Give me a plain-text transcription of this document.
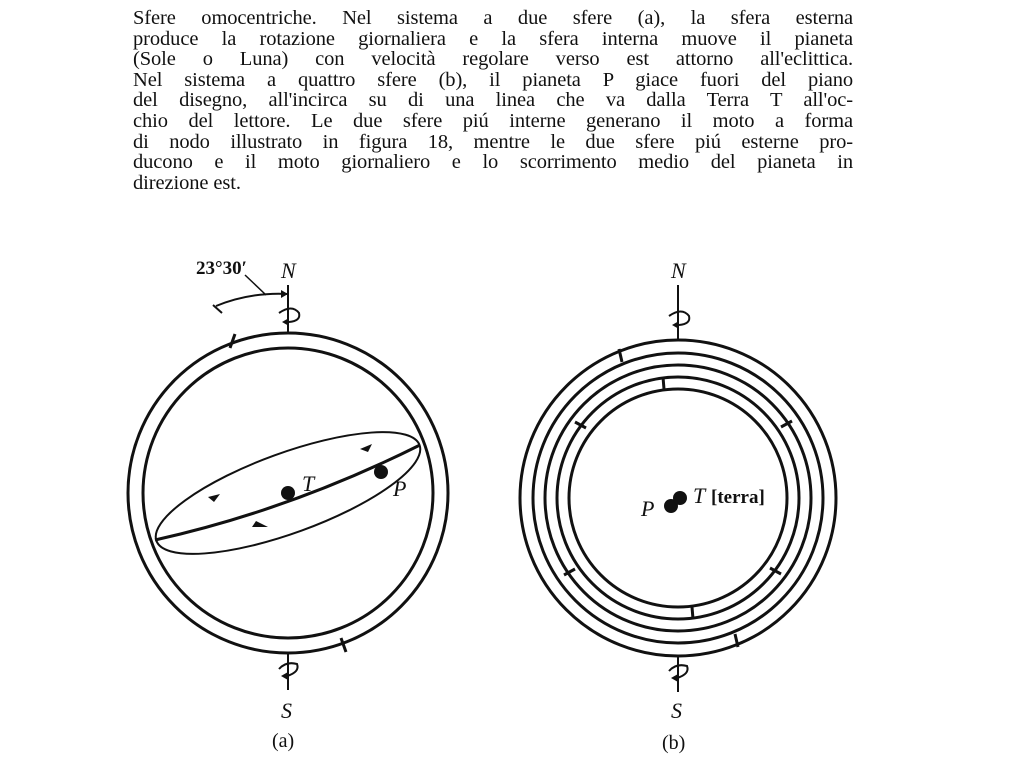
Sfere omocentriche. Nel sistema a due sfere (a), la sfera esterna
produce la rotazione giornaliera e la sfera interna muove il pianeta
(Sole o Luna) con velocità regolare verso est attorno all'eclittica.
Nel sistema a quattro sfere (b), il pianeta P giace fuori del piano
del disegno, all'incirca su di una linea che va dalla Terra T all'oc-
chio del lettore. Le due sfere piú interne generano il moto a forma
di nodo illustrato in figura 18, mentre le due sfere piú esterne pro-
ducono e il moto giornaliero e lo scorrimento medio del pianeta in
direzione est.
T	P
N
23°30′
S
(a)
P
T [terra]
N
S
(b)
